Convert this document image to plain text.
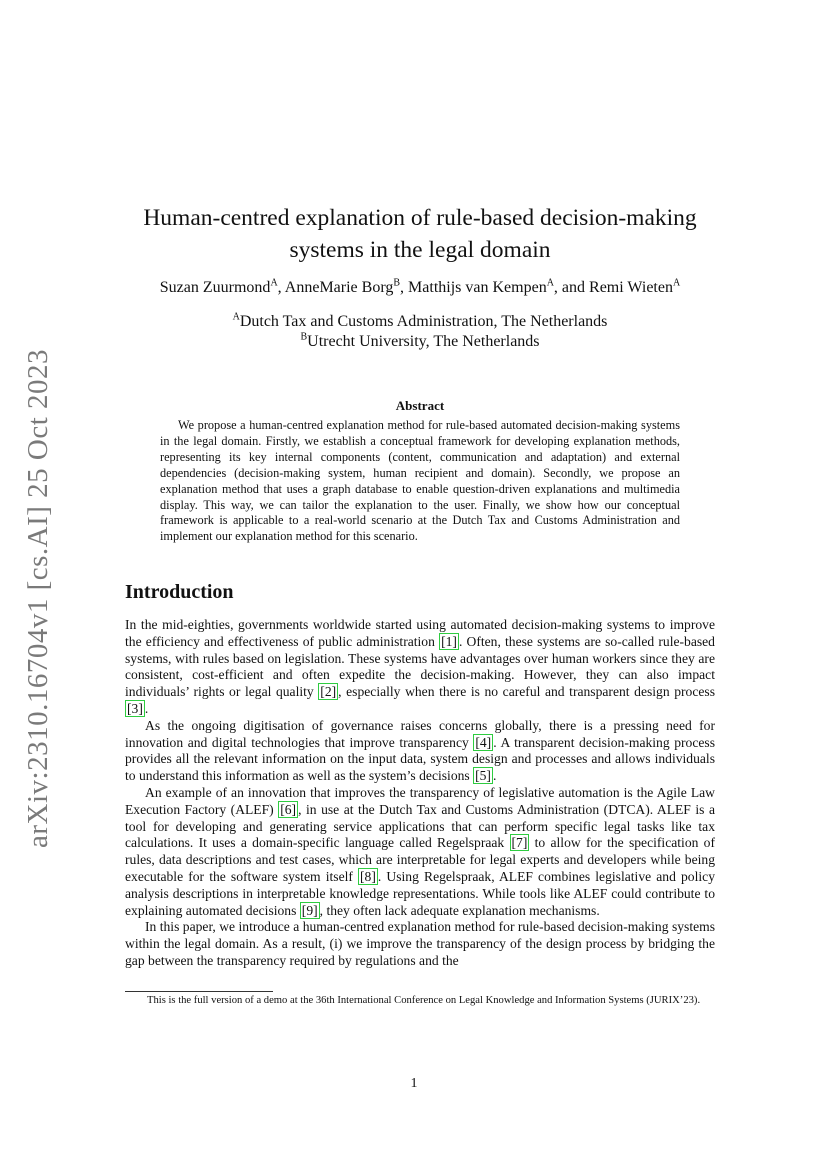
arXiv:2310.16704v1 [cs.AI] 25 Oct 2023
Human-centred explanation of rule-based decision-making systems in the legal domain
Suzan Zuurmond$^A$, AnneMarie Borg$^B$, Matthijs van Kempen$^A$, and Remi Wieten$^A$
$^A$Dutch Tax and Customs Administration, The Netherlands
$^B$Utrecht University, The Netherlands
Abstract

We propose a human-centred explanation method for rule-based automated decision-making systems in the legal domain. Firstly, we establish a conceptual framework for developing explanation methods, representing its key internal components (content, communication and adaptation) and external dependencies (decision-making system, human recipient and domain). Secondly, we propose an explanation method that uses a graph database to enable question-driven explanations and multimedia display. This way, we can tailor the explanation to the user. Finally, we show how our conceptual framework is applicable to a real-world scenario at the Dutch Tax and Customs Administration and implement our explanation method for this scenario.

Introduction

In the mid-eighties, governments worldwide started using automated decision-making systems to improve the efficiency and effectiveness of public administration [1] . Often, these systems are so-called rule-based systems, with rules based on legislation. These systems have advantages over human workers since they are consistent, cost-efficient and often expedite the decision-making. However, they can also impact individuals’ rights or legal quality [2] , especially when there is no careful and transparent design process [3] .

As the ongoing digitisation of governance raises concerns globally, there is a pressing need for innovation and digital technologies that improve transparency [4] . A transparent decision-making process provides all the relevant information on the input data, system design and processes and allows individuals to understand this information as well as the system’s decisions [5] .

An example of an innovation that improves the transparency of legislative automation is the Agile Law Execution Factory (ALEF) [6] , in use at the Dutch Tax and Customs Administration (DTCA). ALEF is a tool for developing and generating service applications that can perform specific legal tasks like tax calculations. It uses a domain-specific language called Regelspraak [7] to allow for the specification of rules, data descriptions and test cases, which are interpretable for legal experts and developers while being executable for the software system itself [8] . Using Regelspraak, ALEF combines legislative and policy analysis descriptions in interpretable knowledge representations. While tools like ALEF could contribute to explaining automated decisions [9] , they often lack adequate explanation mechanisms.

In this paper, we introduce a human-centred explanation method for rule-based decision-making systems within the legal domain. As a result, (i) we improve the transparency of the design process by bridging the gap between the transparency required by regulations and the

This is the full version of a demo at the 36th International Conference on Legal Knowledge and Information Systems (JURIX’23).

1
